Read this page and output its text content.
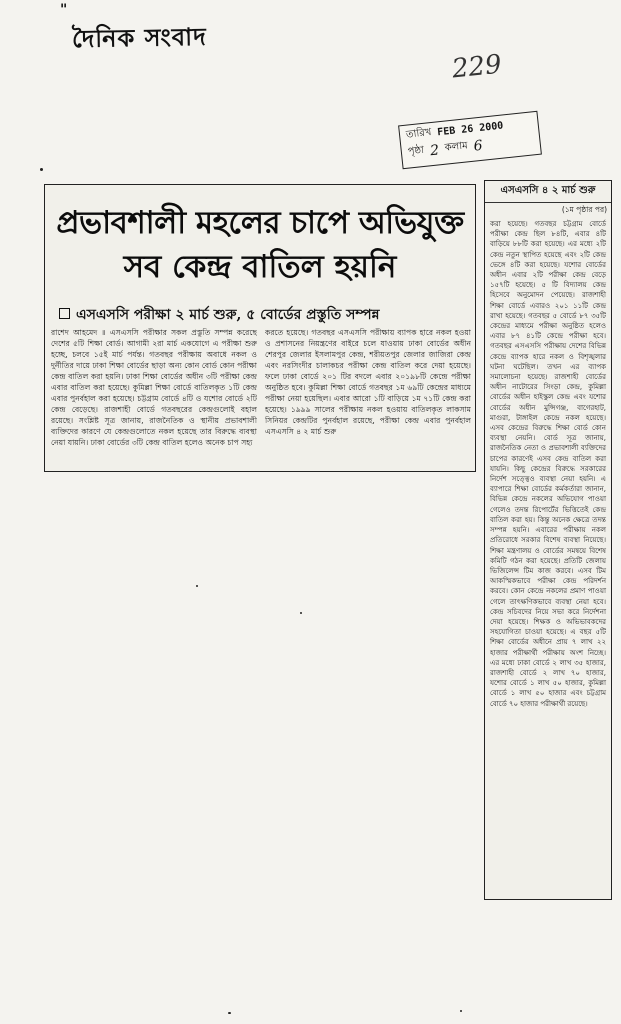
"
দৈনিক সংবাদ
229
তারিখ FEB 26 2000
পৃষ্ঠা 2 কলাম 6
প্রভাবশালী মহলের চাপে অভিযুক্ত
সব কেন্দ্র বাতিল হয়নি
এসএসসি পরীক্ষা ২ মার্চ শুরু, ৫ বোর্ডের প্রস্তুতি সম্পন্ন

রাশেদ আহমেদ ॥ এসএসসি পরীক্ষার সকল প্রস্তুতি সম্পন্ন করেছে দেশের ৫টি শিক্ষা বোর্ড। আগামী ২রা মার্চ একযোগে এ পরীক্ষা শুরু হচ্ছে, চলবে ১৫ই মার্চ পর্যন্ত। গতবছর পরীক্ষায় অবাধে নকল ও দুর্নীতির দায়ে ঢাকা শিক্ষা বোর্ডের ছাড়া অন্য কোন বোর্ড কোন পরীক্ষা কেন্দ্র বাতিল করা হয়নি। ঢাকা শিক্ষা বোর্ডের অধীন ৩টি পরীক্ষা কেন্দ্র এবার বাতিল করা হয়েছে। কুমিল্লা শিক্ষা বোর্ডে বাতিলকৃত ১টি কেন্দ্র এবার পুনর্বহাল করা হয়েছে। চট্টগ্রাম বোর্ডে ৪টি ও যশোর বোর্ডে ২টি কেন্দ্র বেড়েছে। রাজশাহী বোর্ডে গতবছরের কেন্দ্রগুলোই বহাল রয়েছে। সংশ্লিষ্ট সূত্র জানায়, রাজনৈতিক ও স্থানীয় প্রভাবশালী ব্যক্তিদের কারণে যে কেন্দ্রগুলোতে নকল হয়েছে তার বিরুদ্ধে ব্যবস্থা নেয়া যায়নি। ঢাকা বোর্ডের ৩টি কেন্দ্র বাতিল হলেও অনেক চাপ সহ্য

করতে হয়েছে। গতবছর এসএসসি পরীক্ষায় ব্যাপক হারে নকল হওয়া ও প্রশাসনের নিয়ন্ত্রণের বাইরে চলে যাওয়ায় ঢাকা বোর্ডের অধীন শেরপুর জেলার ইসলামপুর কেন্দ্র, শরীয়তপুর জেলার জাজিরা কেন্দ্র এবং নরসিংদীর চালাকচর পরীক্ষা কেন্দ্র বাতিল করে দেয়া হয়েছে। ফলে ঢাকা বোর্ডে ২০১ টির বদলে এবার ২০১৯৮টি কেন্দ্রে পরীক্ষা অনুষ্ঠিত হবে। কুমিল্লা শিক্ষা বোর্ডে গতবছর ১ম ৬৯টি কেন্দ্রের মাধ্যমে পরীক্ষা নেয়া হয়েছিল। এবার আরো ১টি বাড়িয়ে ১ম ৭১টি কেন্দ্র করা হয়েছে। ১৯৯৯ সালের পরীক্ষায় নকল হওয়ায় বাতিলকৃত লাকসাম সিনিয়র কেন্দ্রটির পুনর্বহাল রয়েছে, পরীক্ষা কেন্দ্র এবার পুনর্বহাল এসএসসি ৪ ২ মার্চ শুরু

এসএসসি ৪ ২ মার্চ শুরু
(১ম পৃষ্ঠার পর)

করা হয়েছে। গতবছর চট্টগ্রাম বোর্ডে পরীক্ষা কেন্দ্র ছিল ৮৪টি, এবার ৪টি বাড়িয়ে ৮৮টি করা হয়েছে। এর মধ্যে ২টি কেন্দ্র নতুন স্থাপিত হয়েছে এবং ২টি কেন্দ্র ভেঙ্গে ৪টি করা হয়েছে। যশোর বোর্ডের অধীন এবার ২টি পরীক্ষা কেন্দ্র বেড়ে ১৫৭টি হয়েছে। ৫ টি বিদ্যালয় কেন্দ্র হিসেবে অনুমোদন পেয়েছে। রাজশাহী শিক্ষা বোর্ডে এবারও ২০১ ১১টি কেন্দ্র রাখা হয়েছে। গতবছর ৫ বোর্ডে ৮৭ ৩৫টি কেন্দ্রের মাধ্যমে পরীক্ষা অনুষ্ঠিত হলেও এবার ৮৭ ৪১টি কেন্দ্রে পরীক্ষা হবে। গতবছর এসএসসি পরীক্ষায় দেশের বিভিন্ন কেন্দ্রে ব্যাপক হারে নকল ও বিশৃঙ্খলার ঘটনা ঘটেছিল। তখন এর ব্যাপক সমালোচনা হয়েছে। রাজশাহী বোর্ডের অধীন নাটোরের সিংড়া কেন্দ্র, কুমিল্লা বোর্ডের অধীন হাইস্কুল কেন্দ্র এবং যশোর বোর্ডের অধীন মুন্সিগঞ্জ, বাগেরহাট, মাগুরা, টাঙ্গাইল কেন্দ্রে নকল হয়েছে। এসব কেন্দ্রের বিরুদ্ধে শিক্ষা বোর্ড কোন ব্যবস্থা নেয়নি। বোর্ড সূত্র জানায়, রাজনৈতিক নেতা ও প্রভাবশালী ব্যক্তিদের চাপের কারণেই এসব কেন্দ্র বাতিল করা যায়নি। কিছু কেন্দ্রের বিরুদ্ধে সরকারের নির্দেশ সত্ত্বেও ব্যবস্থা নেয়া হয়নি। এ ব্যাপারে শিক্ষা বোর্ডের কর্মকর্তারা জানান, বিভিন্ন কেন্দ্রে নকলের অভিযোগ পাওয়া গেলেও তদন্ত রিপোর্টের ভিত্তিতেই কেন্দ্র বাতিল করা হয়। কিন্তু অনেক ক্ষেত্রে তদন্ত সম্পন্ন হয়নি। এবারের পরীক্ষায় নকল প্রতিরোধে সরকার বিশেষ ব্যবস্থা নিয়েছে। শিক্ষা মন্ত্রণালয় ও বোর্ডের সমন্বয়ে বিশেষ কমিটি গঠন করা হয়েছে। প্রতিটি জেলায় ভিজিলেন্স টিম কাজ করবে। এসব টিম আকস্মিকভাবে পরীক্ষা কেন্দ্র পরিদর্শন করবে। কোন কেন্দ্রে নকলের প্রমাণ পাওয়া গেলে তাৎক্ষণিকভাবে ব্যবস্থা নেয়া হবে। কেন্দ্র সচিবদের নিয়ে সভা করে নির্দেশনা দেয়া হয়েছে। শিক্ষক ও অভিভাবকদের সহযোগিতা চাওয়া হয়েছে। এ বছর ৫টি শিক্ষা বোর্ডের অধীনে প্রায় ৭ লাখ ২২ হাজার পরীক্ষার্থী পরীক্ষায় অংশ নিচ্ছে। এর মধ্যে ঢাকা বোর্ডে ২ লাখ ৩৫ হাজার, রাজশাহী বোর্ডে ২ লাখ ৭০ হাজার, যশোর বোর্ডে ১ লাখ ৫০ হাজার, কুমিল্লা বোর্ডে ১ লাখ ৫০ হাজার এবং চট্টগ্রাম বোর্ডে ৭০ হাজার পরীক্ষার্থী রয়েছে।
